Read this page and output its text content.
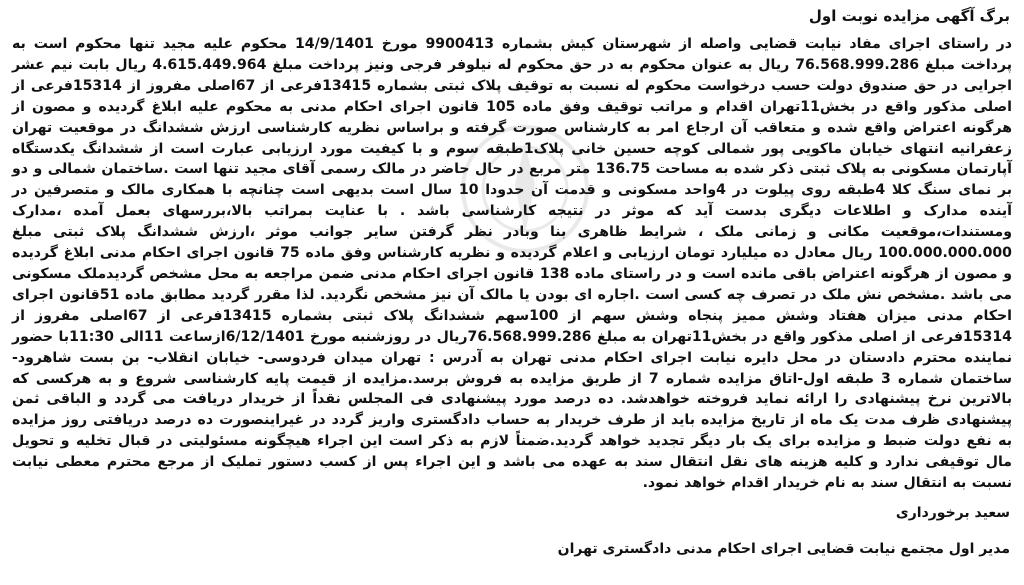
برگ آگهی مزایده نوبت اول

در راستای اجرای مفاد نیابت قضایی واصله از شهرستان کیش بشماره 9900413 مورخ 14/9/1401 محکوم علیه مجید تنها محکوم است به پرداخت مبلغ 76.568.999.286 ریال به عنوان محکوم به در حق محکوم له نیلوفر فرجی ونیز پرداخت مبلغ 4.615.449.964 ریال بابت نیم عشر اجرایی در حق صندوق دولت حسب درخواست محکوم له نسبت به توقیف پلاک ثبتی بشماره 13415فرعی از 67اصلی مفروز از 15314فرعی از اصلی مذکور واقع در بخش11تهران اقدام و مراتب توقیف وفق ماده 105 قانون اجرای احکام مدنی به محکوم علیه ابلاغ گردیده و مصون از هرگونه اعتراض واقع شده و متعاقب آن ارجاع امر به کارشناس صورت گرفته و براساس نظریه کارشناسی ارزش ششدانگ در موقعیت تهران زعفرانیه انتهای خیابان ماکویی پور شمالی کوچه حسین خانی پلاک1طبقه سوم و با کیفیت مورد ارزیابی عبارت است از ششدانگ یکدستگاه آپارتمان مسکونی به پلاک ثبتی ذکر شده به مساحت 136.75 متر مربع در حال حاضر در مالک رسمی آقای مجید تنها است .ساختمان شمالی و دو بر نمای سنگ کلا 4طبقه روی پیلوت در 4واحد مسکونی و قدمت آن حدودا 10 سال است بدیهی است چنانچه با همکاری مالک و متصرفین در آینده مدارک و اطلاعات دیگری بدست آید که موثر در نتیجه کارشناسی باشد . با عنایت بمراتب بالا،بررسهای بعمل آمده ،مدارک ومستندات،موقعیت مکانی و زمانی ملک ، شرایط ظاهری بنا وبادر نظر گرفتن سایر جوانب موثر ،ارزش ششدانگ پلاک ثبتی مبلغ 100.000.000.000 ریال معادل ده میلیارد تومان ارزیابی و اعلام گردیده و نظریه کارشناس وفق ماده 75 قانون اجرای احکام مدنی ابلاغ گردیده و مصون از هرگونه اعتراض باقی مانده است و در راستای ماده 138 قانون اجرای احکام مدنی ضمن مراجعه به محل مشخص گردیدملک مسکونی می باشد .مشخص نش ملک در تصرف چه کسی است .اجاره ای بودن یا مالک آن نیز مشخص نگردید. لذا مقرر گردید مطابق ماده 51قانون اجرای احکام مدنی میزان هفتاد وشش ممیز پنجاه وشش سهم از 100سهم ششدانگ پلاک ثبتی بشماره 13415فرعی از 67اصلی مفروز از 15314فرعی از اصلی مذکور واقع در بخش11تهران به مبلغ 76.568.999.286ریال در روزشنبه مورخ 6/12/1401ازساعت 11الی 11:30با حضور نماینده محترم دادستان در محل دایره نیابت اجرای احکام مدنی تهران به آدرس : تهران میدان فردوسی- خیابان انقلاب- بن بست شاهرود- ساختمان شماره 3 طبقه اول-اتاق مزایده شماره 7 از طریق مزایده به فروش برسد.مزایده از قیمت پایه کارشناسی شروع و به هرکسی که بالاترین نرخ پیشنهادی را ارائه نماید فروخته خواهدشد. ده درصد مورد پیشنهادی فی المجلس نقداً از خریدار دریافت می گردد و الباقی ثمن پیشنهادی ظرف مدت یک ماه از تاریخ مزایده باید از طرف خریدار به حساب دادگستری واریز گردد در غیراینصورت ده درصد دریافتی روز مزایده به نفع دولت ضبط و مزایده برای یک بار دیگر تجدید خواهد گردید.ضمناً لازم به ذکر است این اجراء هیچگونه مسئولیتی در قبال تخلیه و تحویل مال توقیفی ندارد و کلیه هزینه های نقل انتقال سند به عهده می باشد و این اجراء پس از کسب دستور تملیک از مرجع محترم معطی نیابت نسبت به انتقال سند به نام خریدار اقدام خواهد نمود.

سعید برخورداری
مدیر اول مجتمع نیابت قضایی اجرای احکام مدنی دادگستری تهران
